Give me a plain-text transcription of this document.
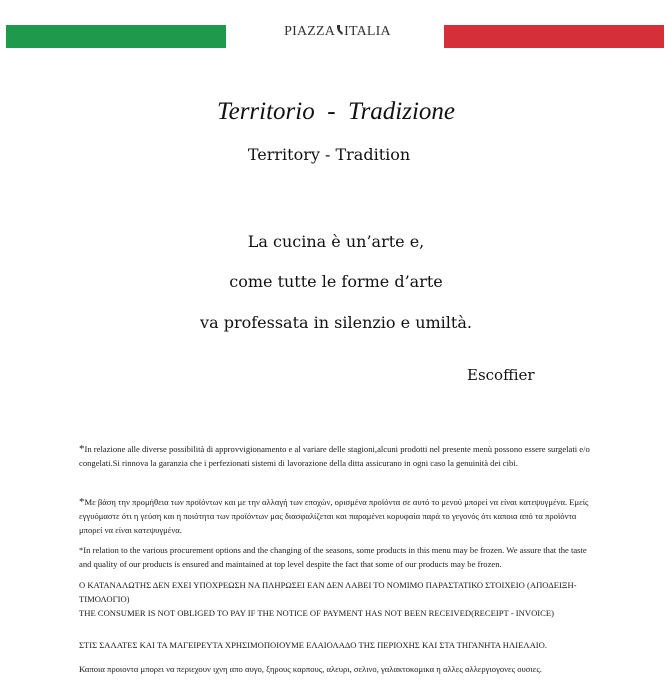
PIAZZA ITALIA
Territorio  -  Tradizione
Territory - Tradition
La cucina è un’arte e,
come tutte le forme d’arte
va professata in silenzio e umiltà.
Escoffier
*In relazione alle diverse possibilità di approvvigionamento e al variare delle stagioni,alcuni prodotti nel presente menù possono essere surgelati e/o congelati.Si rinnova la garanzia che i perfezionati sistemi di lavorazione della ditta assicurano in ogni caso la genuinità dei cibi.
*Με βάση την προμήθεια των προϊόντων και με την αλλαγή των εποχών, ορισμένα προϊόντα σε αυτό το μενού μπορεί να είναι κατεψυγμένα. Εμείς εγγυόμαστε ότι η γεύση και η ποιότητα των προϊόντων μας διασφαλίζεται και παραμένει κορυφαία παρά το γεγονός ότι καποια από τα προϊόντα μπορεί να είναι κατεψυγμένα.
*In relation to the various procurement options and the changing of the seasons, some products in this menu may be frozen. We assure that the taste and quality of our products is ensured and maintained at top level despite the fact that some of our products may be frozen.
Ο ΚΑΤΑΝΑΛΩΤΗΣ ΔΕΝ ΕΧΕΙ ΥΠΟΧΡΕΩΣΗ ΝΑ ΠΛΗΡΩΣΕΙ ΕΑΝ ΔΕΝ ΛΑΒΕΙ ΤΟ ΝΟΜΙΜΟ ΠΑΡΑΣΤΑΤΙΚΟ ΣΤΟΙΧΕΙΟ (ΑΠΟΔΕΙΞΗ-ΤΙΜΟΛΟΓΙΟ)
THE CONSUMER IS NOT OBLIGED TO PAY IF THE NOTICE OF PAYMENT HAS NOT BEEN RECEIVED(RECEIPT - INVOICE)
ΣΤΙΣ ΣΑΛΑΤΕΣ ΚΑΙ ΤΑ ΜΑΓΕΙΡΕΥΤΑ ΧΡΗΣΙΜΟΠΟΙΟΥΜΕ ΕΛΑΙΟΛΑΔΟ ΤΗΣ ΠΕΡΙΟΧΗΣ ΚΑΙ ΣΤΑ ΤΗΓΑΝΗΤΑ ΗΛΙΕΛΑΙΟ.
Καποια προιοντα μπορει να περιεχουν ιχνη απο αυγο, ξηρους καρπους, αλευρι, σελινο, γαλακτοκομικα η αλλες αλλεργιογονες ουσιες.
